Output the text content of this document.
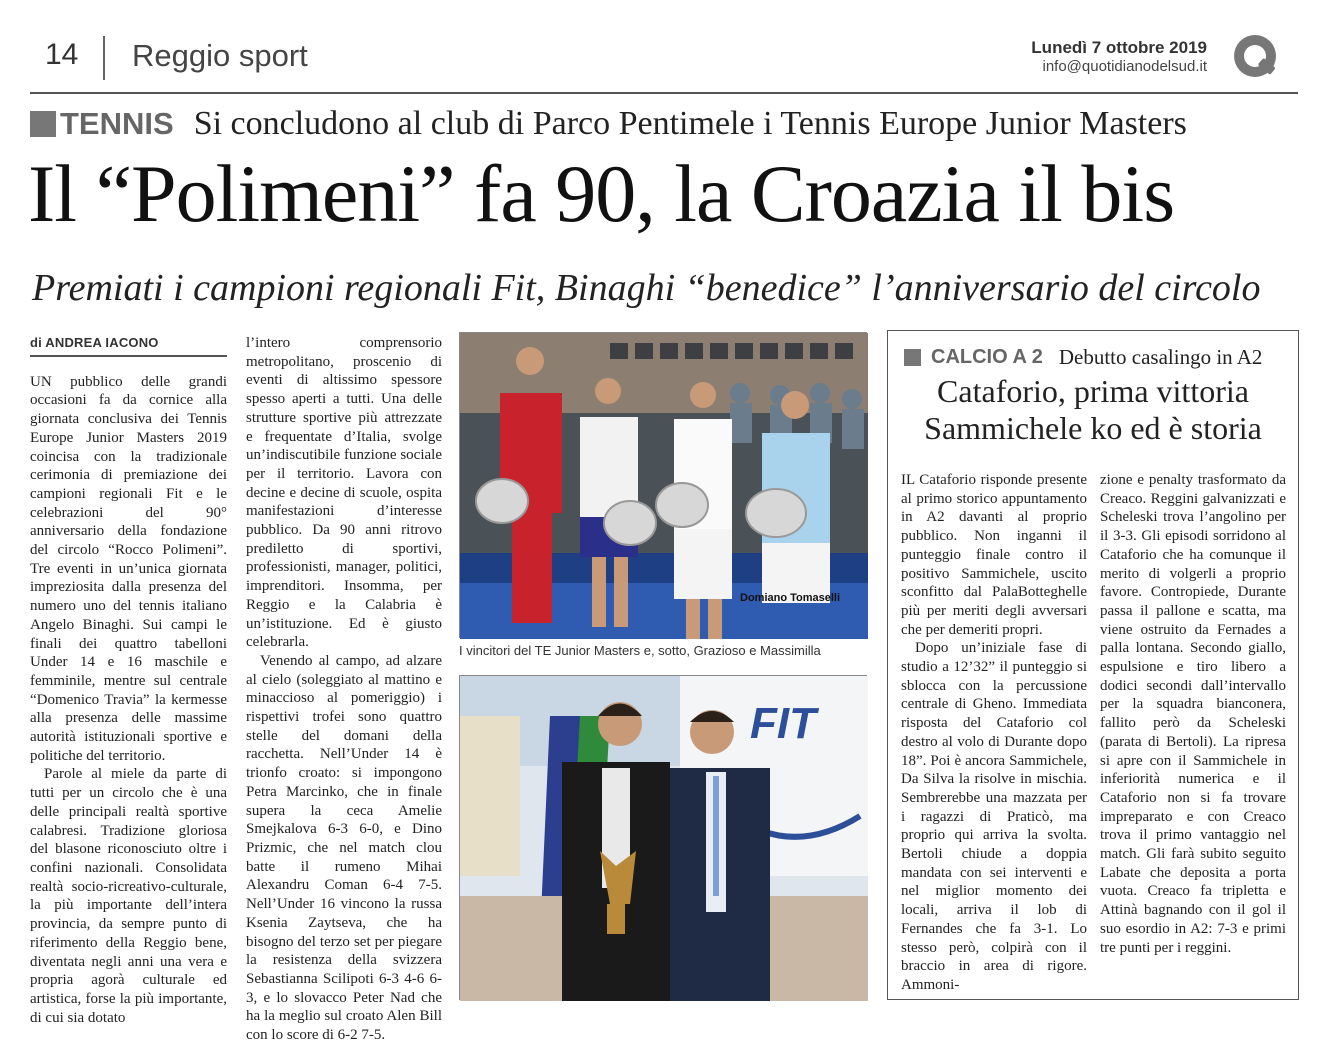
14 Reggio sport	Lunedì 7 ottobre 2019
info@quotidianodelsud.it
TENNIS Si concludono al club di Parco Pentimele i Tennis Europe Junior Masters
Il “Polimeni” fa 90, la Croazia il bis
Premiati i campioni regionali Fit, Binaghi “benedice” l’anniversario del circolo
di ANDREA IACONO

UN pubblico delle grandi occasioni fa da cornice alla giornata conclusiva dei Tennis Europe Junior Masters 2019 coincisa con la tradizionale cerimonia di premiazione dei campioni regionali Fit e le celebrazioni del 90° anniversario della fondazione del circolo “Rocco Polimeni”. Tre eventi in un’unica giornata impreziosita dalla presenza del numero uno del tennis italiano Angelo Binaghi. Sui campi le finali dei quattro tabelloni Under 14 e 16 maschile e femminile, mentre sul centrale “Domenico Travia” la kermesse alla presenza delle massime autorità istituzionali sportive e politiche del territorio.

Parole al miele da parte di tutti per un circolo che è una delle principali realtà sportive calabresi. Tradizione gloriosa del blasone riconosciuto oltre i confini nazionali. Consolidata realtà socio-ricreativo-culturale, la più importante dell’intera provincia, da sempre punto di riferimento della Reggio bene, diventata negli anni una vera e propria agorà culturale ed artistica, forse la più importante, di cui sia dotato

l’intero comprensorio metropolitano, proscenio di eventi di altissimo spessore spesso aperti a tutti. Una delle strutture sportive più attrezzate e frequentate d’Italia, svolge un’indiscutibile funzione sociale per il territorio. Lavora con decine e decine di scuole, ospita manifestazioni d’interesse pubblico. Da 90 anni ritrovo prediletto di sportivi, professionisti, manager, politici, imprenditori. Insomma, per Reggio e la Calabria è un’istituzione. Ed è giusto celebrarla.

Venendo al campo, ad alzare al cielo (soleggiato al mattino e minaccioso al pomeriggio) i rispettivi trofei sono quattro stelle del domani della racchetta. Nell’Under 14 è trionfo croato: si impongono Petra Marcinko, che in finale supera la ceca Amelie Smejkalova 6-3 6-0, e Dino Prizmic, che nel match clou batte il rumeno Mihai Alexandru Coman 6-4 7-5. Nell’Under 16 vincono la russa Ksenia Zaytseva, che ha bisogno del terzo set per piegare la resistenza della svizzera Sebastianna Scilipoti 6-3 4-6 6-3, e lo slovacco Peter Nad che ha la meglio sul croato Alen Bill con lo score di 6-2 7-5.

Domiano Tomaselli
I vincitori del TE Junior Masters e, sotto, Grazioso e Massimilla
FIT
CALCIO A 2 Debutto casalingo in A2
Cataforio, prima vittoria
Sammichele ko ed è storia

IL Cataforio risponde presente al primo storico appuntamento in A2 davanti al proprio pubblico. Non inganni il punteggio finale contro il positivo Sammichele, uscito sconfitto dal PalaBotteghelle più per meriti degli avversari che per demeriti propri.

Dopo un’iniziale fase di studio a 12’32” il punteggio si sblocca con la percussione centrale di Gheno. Immediata risposta del Cataforio col destro al volo di Durante dopo 18”. Poi è ancora Sammichele, Da Silva la risolve in mischia. Sembrerebbe una mazzata per i ragazzi di Praticò, ma proprio qui arriva la svolta. Bertoli chiude a doppia mandata con sei interventi e nel miglior momento dei locali, arriva il lob di Fernandes che fa 3-1. Lo stesso però, colpirà con il braccio in area di rigore. Ammoni-

zione e penalty trasformato da Creaco. Reggini galvanizzati e Scheleski trova l’angolino per il 3-3. Gli episodi sorridono al Cataforio che ha comunque il merito di volgerli a proprio favore. Contropiede, Durante passa il pallone e scatta, ma viene ostruito da Fernades a palla lontana. Secondo giallo, espulsione e tiro libero a dodici secondi dall’intervallo per la squadra bianconera, fallito però da Scheleski (parata di Bertoli). La ripresa si apre con il Sammichele in inferiorità numerica e il Cataforio non si fa trovare impreparato e con Creaco trova il primo vantaggio nel match. Gli farà subito seguito Labate che deposita a porta vuota. Creaco fa tripletta e Attinà bagnando con il gol il suo esordio in A2: 7-3 e primi tre punti per i reggini.
